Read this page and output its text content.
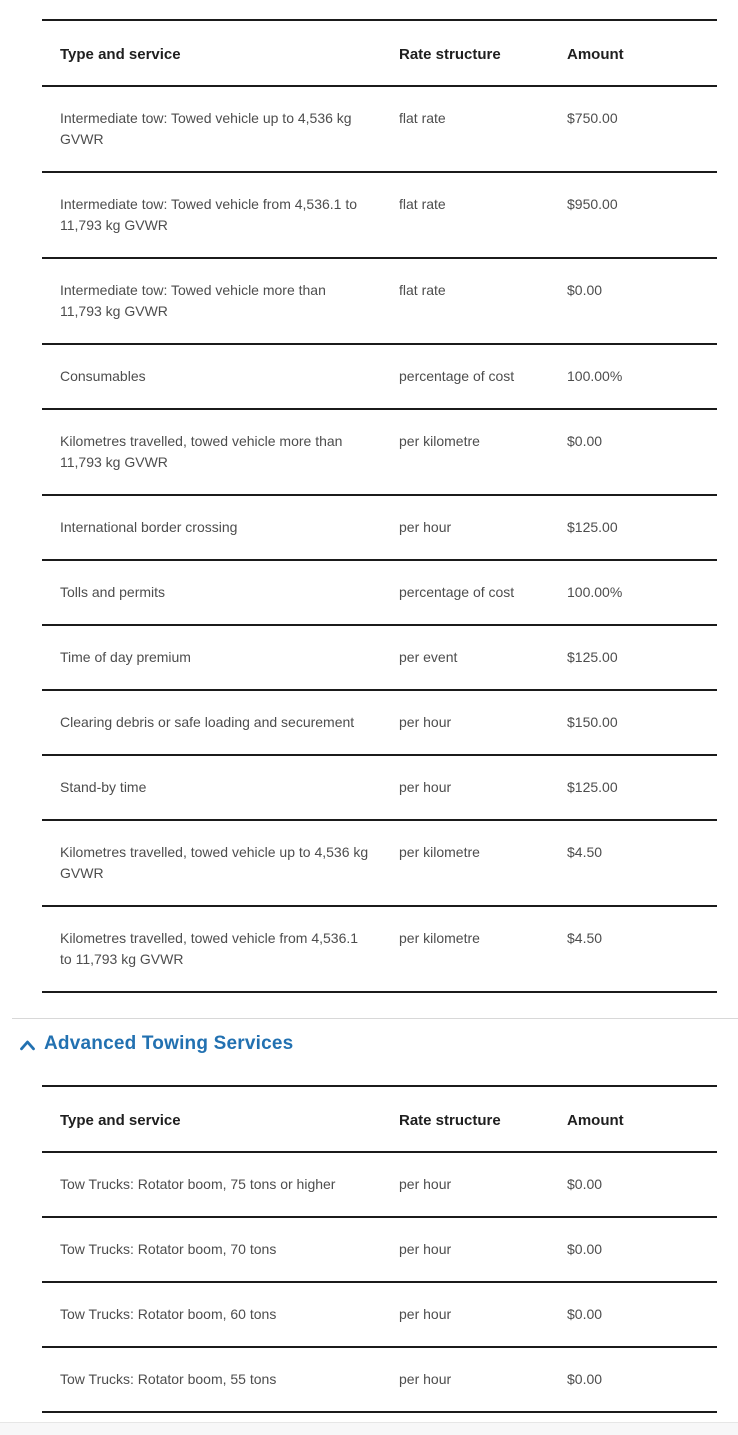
Type and service	Rate structure	Amount
Intermediate tow: Towed vehicle up to 4,536 kg GVWR	flat rate	$750.00
Intermediate tow: Towed vehicle from 4,536.1 to 11,793 kg GVWR	flat rate	$950.00
Intermediate tow: Towed vehicle more than 11,793 kg GVWR	flat rate	$0.00
Consumables	percentage of cost	100.00%
Kilometres travelled, towed vehicle more than 11,793 kg GVWR	per kilometre	$0.00
International border crossing	per hour	$125.00
Tolls and permits	percentage of cost	100.00%
Time of day premium	per event	$125.00
Clearing debris or safe loading and securement	per hour	$150.00
Stand-by time	per hour	$125.00
Kilometres travelled, towed vehicle up to 4,536 kg GVWR	per kilometre	$4.50
Kilometres travelled, towed vehicle from 4,536.1 to 11,793 kg GVWR	per kilometre	$4.50
Advanced Towing Services
Type and service	Rate structure	Amount
Tow Trucks: Rotator boom, 75 tons or higher	per hour	$0.00
Tow Trucks: Rotator boom, 70 tons	per hour	$0.00
Tow Trucks: Rotator boom, 60 tons	per hour	$0.00
Tow Trucks: Rotator boom, 55 tons	per hour	$0.00
